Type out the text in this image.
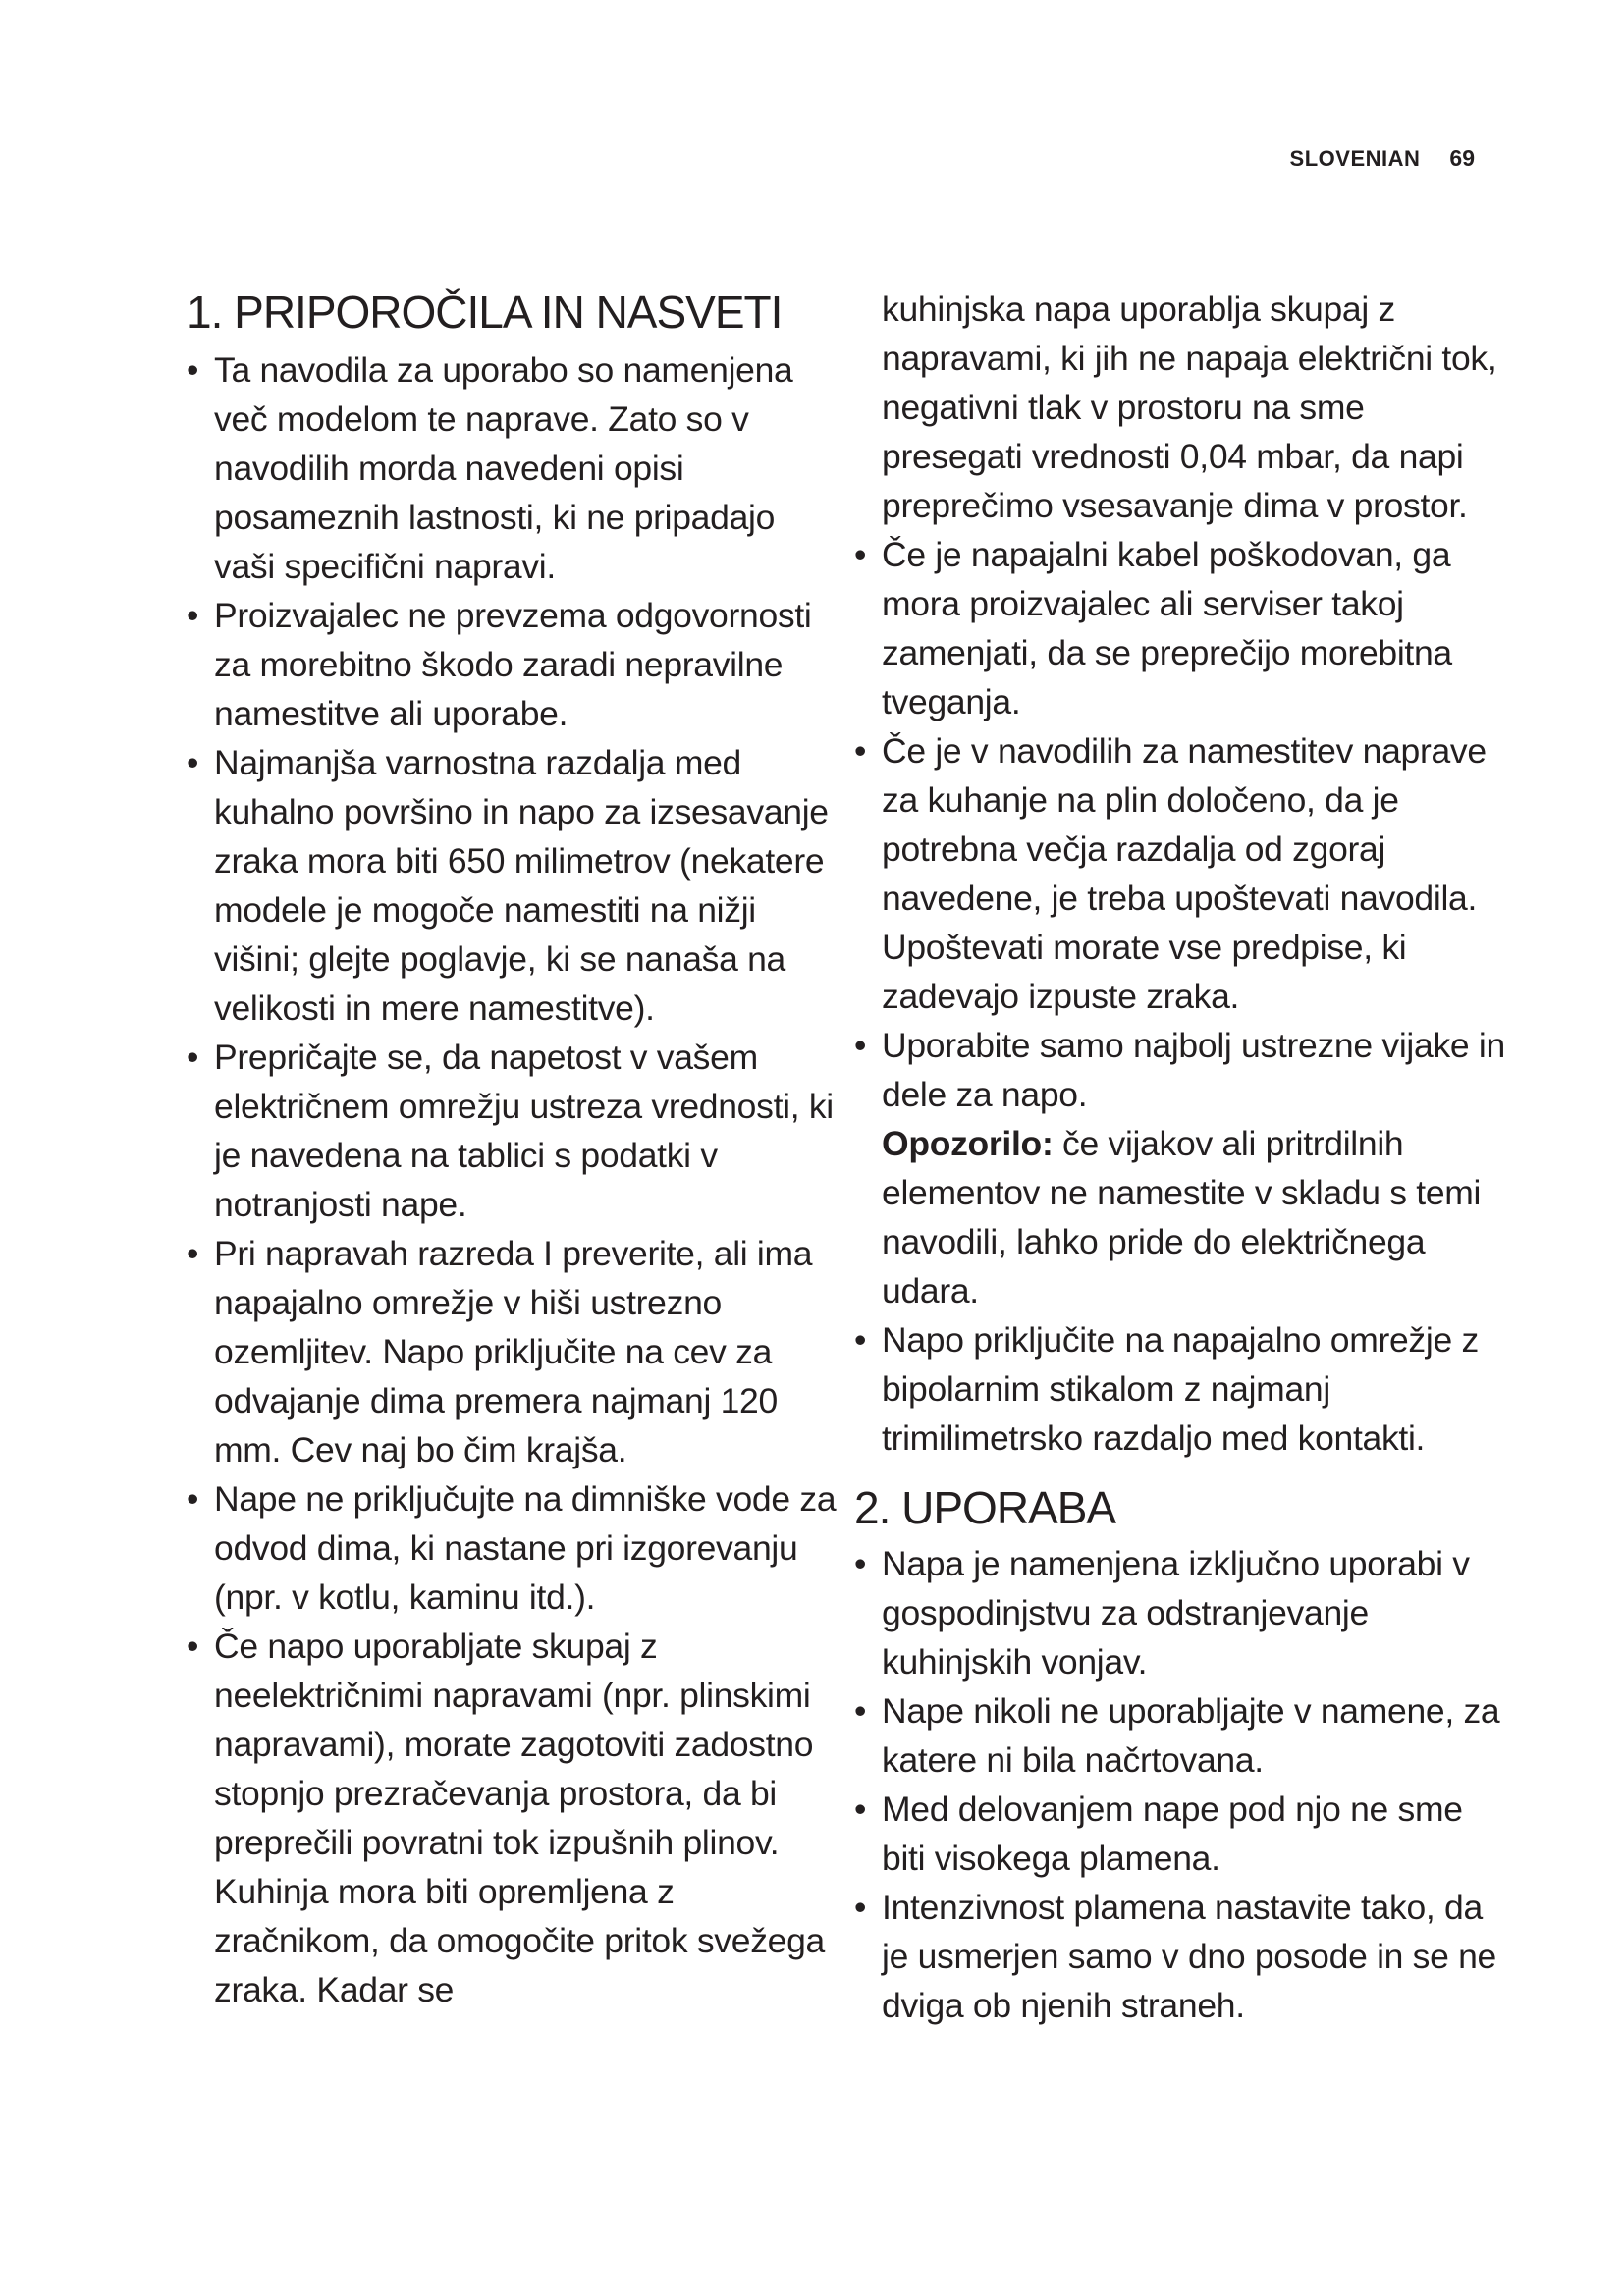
SLOVENIAN 69
1. PRIPOROČILA IN NASVETI
• Ta navodila za uporabo so namenjena več modelom te naprave. Zato so v navodilih morda navedeni opisi posameznih lastnosti, ki ne pripadajo vaši specifični napravi.
• Proizvajalec ne prevzema odgovornosti za morebitno škodo zaradi nepravilne namestitve ali uporabe.
• Najmanjša varnostna razdalja med kuhalno površino in napo za izsesavanje zraka mora biti 650 milimetrov (nekatere modele je mogoče namestiti na nižji višini; glejte poglavje, ki se nanaša na velikosti in mere namestitve).
• Prepričajte se, da napetost v vašem električnem omrežju ustreza vrednosti, ki je navedena na tablici s podatki v notranjosti nape.
• Pri napravah razreda I preverite, ali ima napajalno omrežje v hiši ustrezno ozemljitev. Napo priključite na cev za odvajanje dima premera najmanj 120 mm. Cev naj bo čim krajša.
• Nape ne priključujte na dimniške vode za odvod dima, ki nastane pri izgorevanju (npr. v kotlu, kaminu itd.).
• Če napo uporabljate skupaj z neelektričnimi napravami (npr. plinskimi napravami), morate zagotoviti zadostno stopnjo prezračevanja prostora, da bi preprečili povratni tok izpušnih plinov. Kuhinja mora biti opremljena z zračnikom, da omogočite pritok svežega zraka. Kadar se

kuhinjska napa uporablja skupaj z napravami, ki jih ne napaja električni tok, negativni tlak v prostoru na sme presegati vrednosti 0,04 mbar, da napi preprečimo vsesavanje dima v prostor.

• Če je napajalni kabel poškodovan, ga mora proizvajalec ali serviser takoj zamenjati, da se preprečijo morebitna tveganja.
• Če je v navodilih za namestitev naprave za kuhanje na plin določeno, da je potrebna večja razdalja od zgoraj navedene, je treba upoštevati navodila. Upoštevati morate vse predpise, ki zadevajo izpuste zraka.
• Uporabite samo najbolj ustrezne vijake in dele za napo.
Opozorilo: če vijakov ali pritrdilnih elementov ne namestite v skladu s temi navodili, lahko pride do električnega udara.
• Napo priključite na napajalno omrežje z bipolarnim stikalom z najmanj trimilimetrsko razdaljo med kontakti.
2. UPORABA
• Napa je namenjena izključno uporabi v gospodinjstvu za odstranjevanje kuhinjskih vonjav.
• Nape nikoli ne uporabljajte v namene, za katere ni bila načrtovana.
• Med delovanjem nape pod njo ne sme biti visokega plamena.
• Intenzivnost plamena nastavite tako, da je usmerjen samo v dno posode in se ne dviga ob njenih straneh.
